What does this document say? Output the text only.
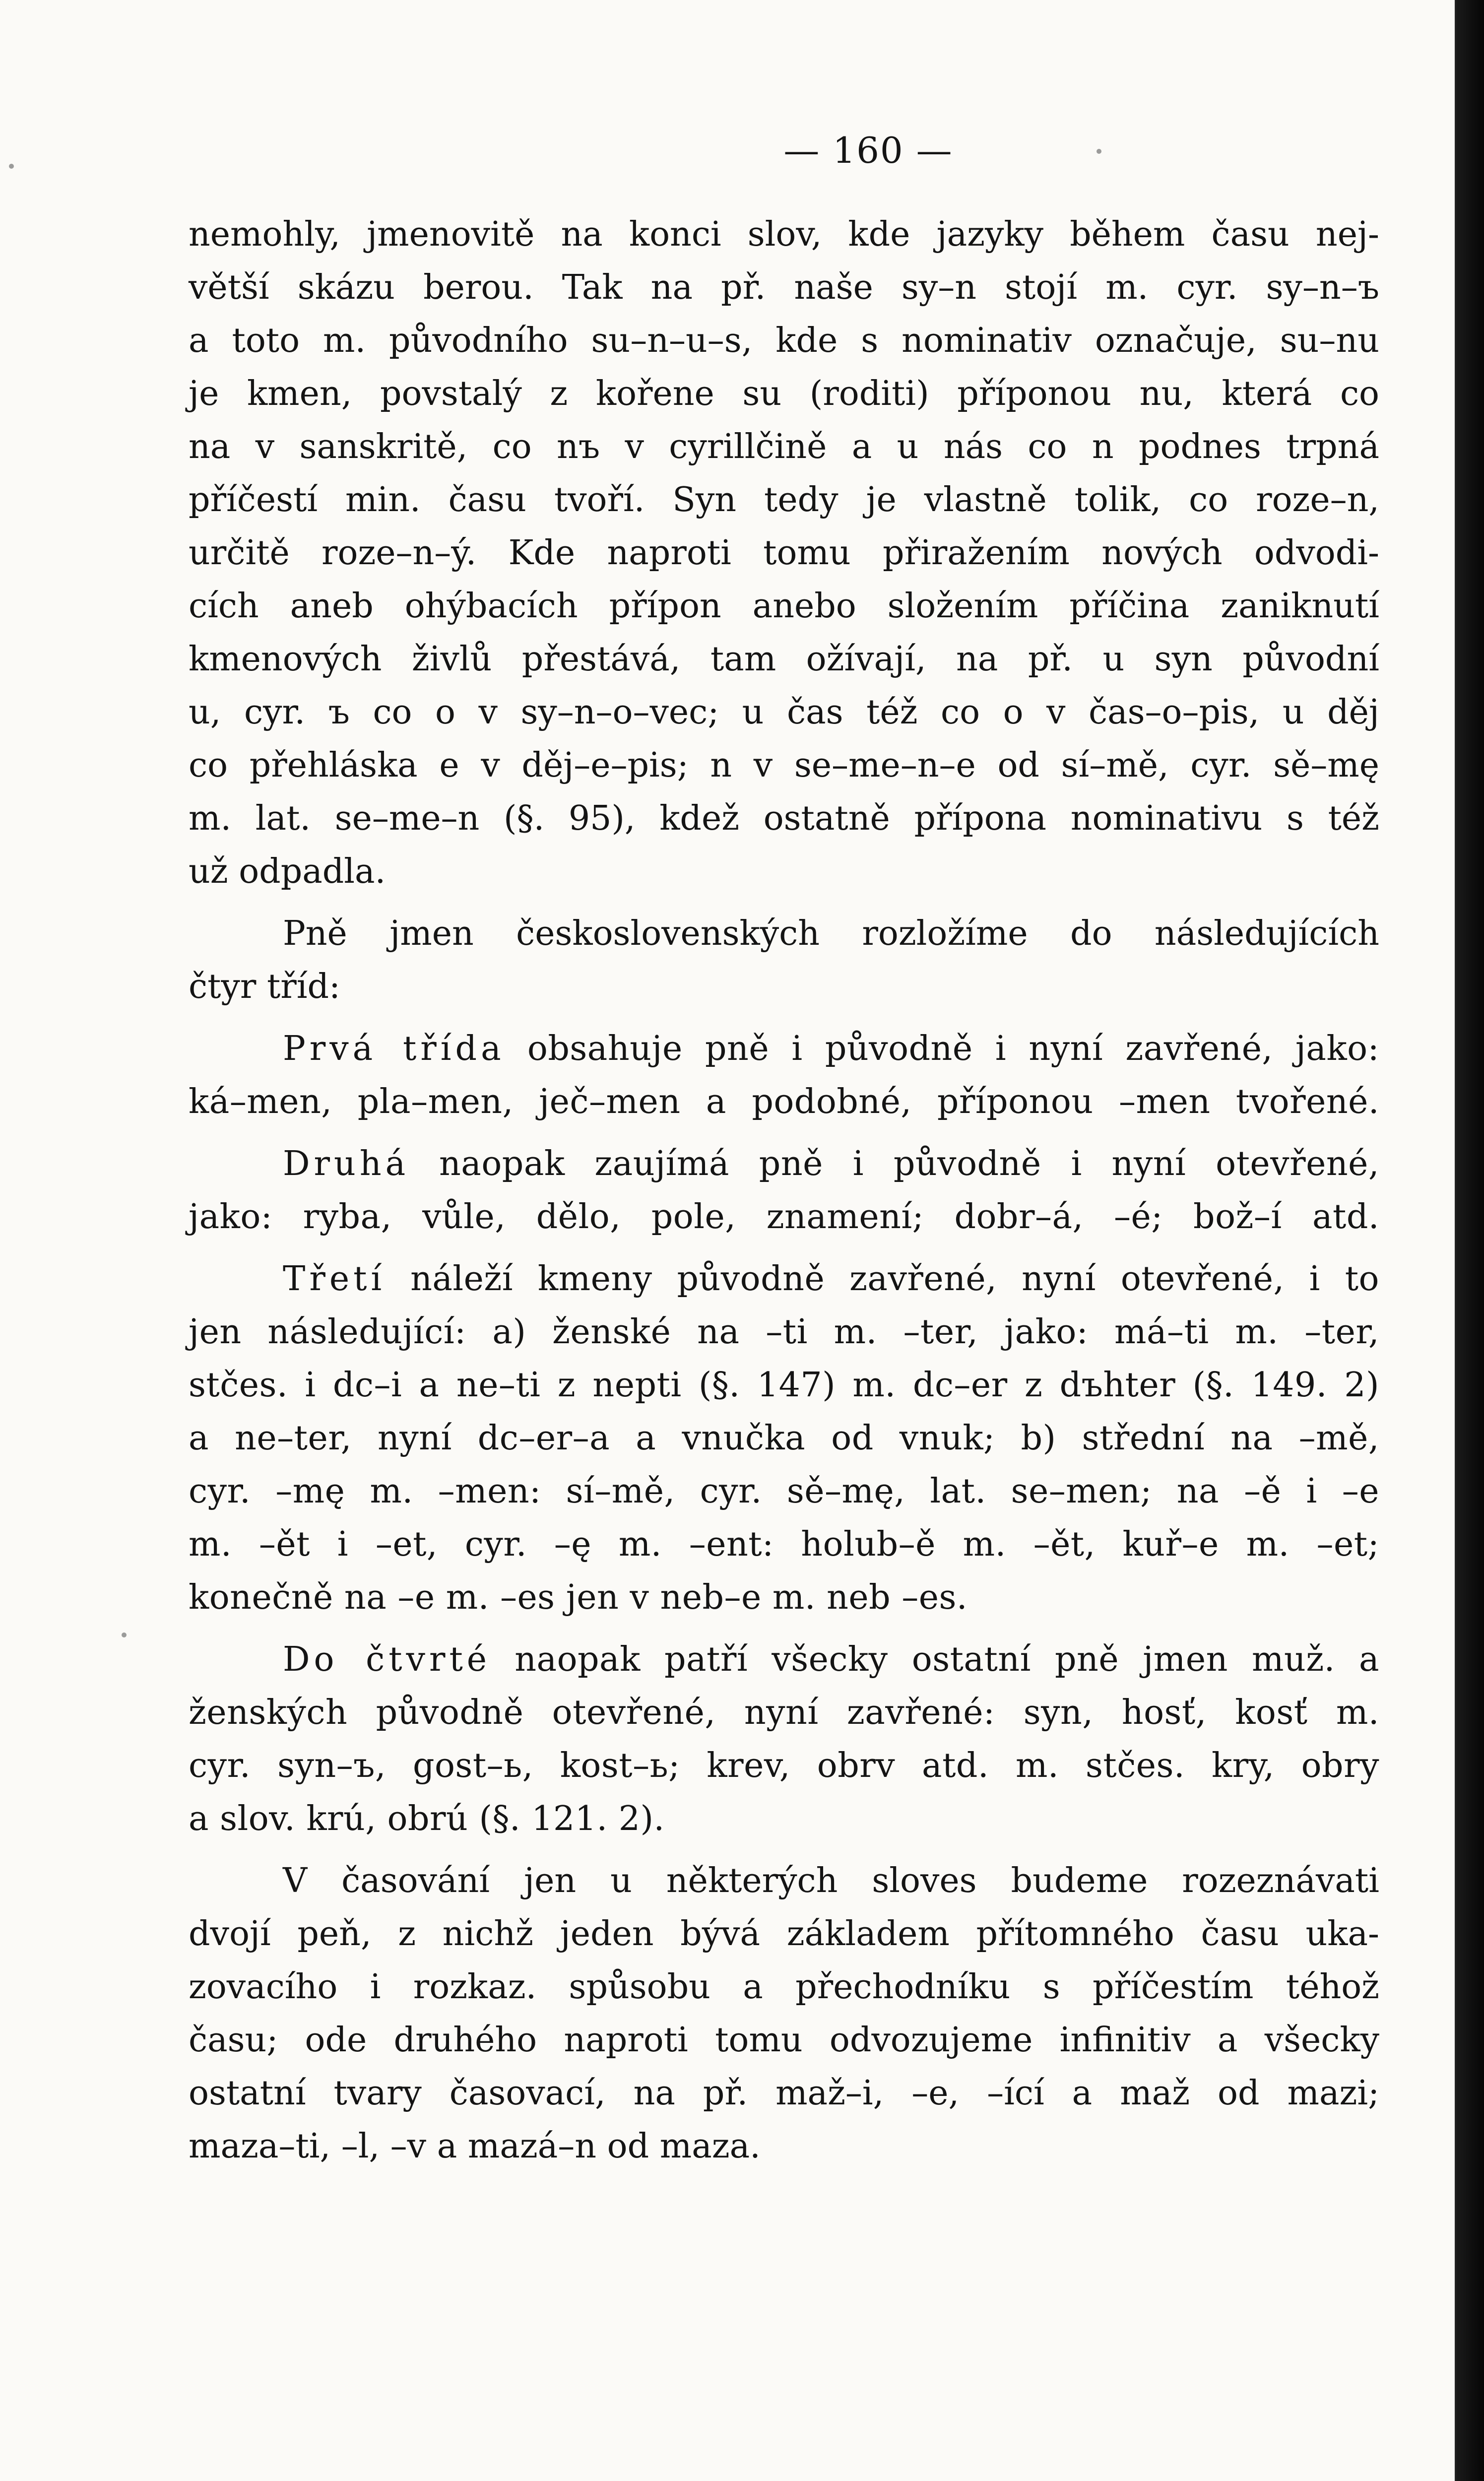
— 160 —

nemohly, jmenovitě na konci slov, kde jazyky během času nej-
větší skázu berou. Tak na př. naše sy–n stojí m. cyr. sy–n–ъ
a toto m. původního su–n–u–s, kde s nominativ označuje, su–nu
je kmen, povstalý z kořene su (roditi) příponou nu, která co
na v sanskritě, co nъ v cyrillčině a u nás co n podnes trpná
příčestí min. času tvoří. Syn tedy je vlastně tolik, co roze–n,
určitě roze–n–ý. Kde naproti tomu přiražením nových odvodi-
cích aneb ohýbacích přípon anebo složením příčina zaniknutí
kmenových živlů přestává, tam ožívají, na př. u syn původní
u, cyr. ъ co o v sy–n–o–vec; u čas též co o v čas–o–pis, u děj
co přehláska e v děj–e–pis; n v se–me–n–e od sí–mě, cyr. sě–mę
m. lat. se–me–n (§. 95), kdež ostatně přípona nominativu s též
už odpadla.

Pně jmen československých rozložíme do následujících
čtyr tříd:

Prvá třída obsahuje pně i původně i nyní zavřené, jako:
ká–men, pla–men, ječ–men a podobné, příponou –men tvořené.

Druhá naopak zaujímá pně i původně i nyní otevřené,
jako: ryba, vůle, dělo, pole, znamení; dobr–á, –é; bož–í atd.

Třetí náleží kmeny původně zavřené, nyní otevřené, i to
jen následující: a) ženské na –ti m. –ter, jako: má–ti m. –ter,
stčes. i dc–i a ne–ti z nepti (§. 147) m. dc–er z dъhter (§. 149. 2)
a ne–ter, nyní dc–er–a a vnučka od vnuk; b) střední na –mě,
cyr. –mę m. –men: sí–mě, cyr. sě–mę, lat. se–men; na –ě i –e
m. –ět i –et, cyr. –ę m. –ent: holub–ě m. –ět, kuř–e m. –et;
konečně na –e m. –es jen v neb–e m. neb –es.

Do čtvrté naopak patří všecky ostatní pně jmen muž. a
ženských původně otevřené, nyní zavřené: syn, hosť, kosť m.
cyr. syn–ъ, gost–ь, kost–ь; krev, obrv atd. m. stčes. kry, obry
a slov. krú, obrú (§. 121. 2).

V časování jen u některých sloves budeme rozeznávati
dvojí peň, z nichž jeden bývá základem přítomného času uka-
zovacího i rozkaz. spůsobu a přechodníku s příčestím téhož
času; ode druhého naproti tomu odvozujeme infinitiv a všecky
ostatní tvary časovací, na př. maž–i, –e, –ící a maž od mazi;
maza–ti, –l, –v a mazá–n od maza.
